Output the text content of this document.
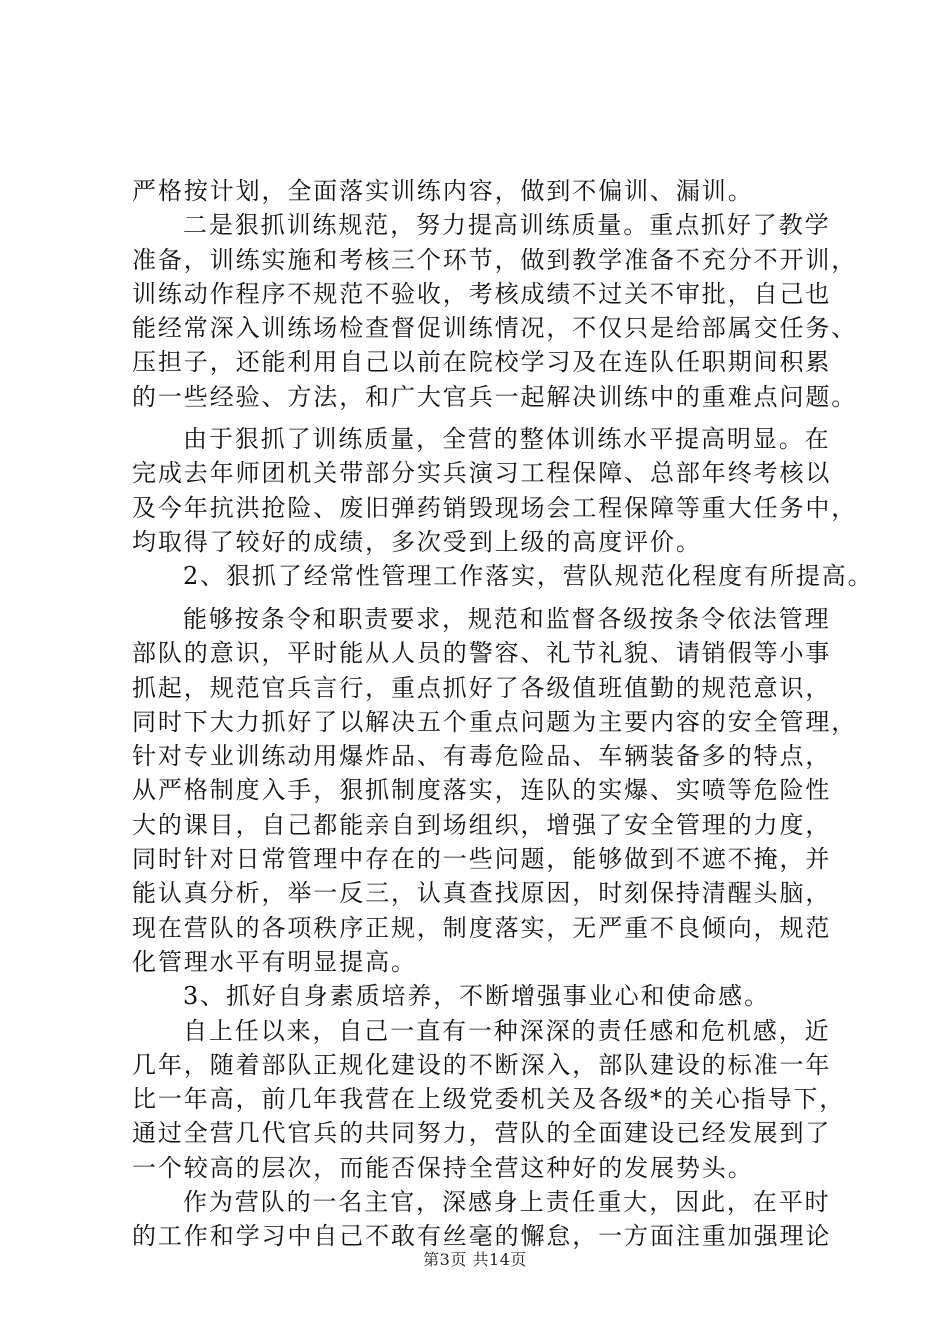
严格按计划，全面落实训练内容，做到不偏训、漏训。
二是狠抓训练规范，努力提高训练质量。重点抓好了教学
准备，训练实施和考核三个环节，做到教学准备不充分不开训，
训练动作程序不规范不验收，考核成绩不过关不审批，自己也
能经常深入训练场检查督促训练情况，不仅只是给部属交任务、
压担子，还能利用自己以前在院校学习及在连队任职期间积累
的一些经验、方法，和广大官兵一起解决训练中的重难点问题。
由于狠抓了训练质量，全营的整体训练水平提高明显。在
完成去年师团机关带部分实兵演习工程保障、总部年终考核以
及今年抗洪抢险、废旧弹药销毁现场会工程保障等重大任务中，
均取得了较好的成绩，多次受到上级的高度评价。
2、狠抓了经常性管理工作落实，营队规范化程度有所提高。
能够按条令和职责要求，规范和监督各级按条令依法管理
部队的意识，平时能从人员的警容、礼节礼貌、请销假等小事
抓起，规范官兵言行，重点抓好了各级值班值勤的规范意识，
同时下大力抓好了以解决五个重点问题为主要内容的安全管理，
针对专业训练动用爆炸品、有毒危险品、车辆装备多的特点，
从严格制度入手，狠抓制度落实，连队的实爆、实喷等危险性
大的课目，自己都能亲自到场组织，增强了安全管理的力度，
同时针对日常管理中存在的一些问题，能够做到不遮不掩，并
能认真分析，举一反三，认真查找原因，时刻保持清醒头脑，
现在营队的各项秩序正规，制度落实，无严重不良倾向，规范
化管理水平有明显提高。
3、抓好自身素质培养，不断增强事业心和使命感。
自上任以来，自己一直有一种深深的责任感和危机感，近
几年，随着部队正规化建设的不断深入，部队建设的标准一年
比一年高，前几年我营在上级党委机关及各级*的关心指导下，
通过全营几代官兵的共同努力，营队的全面建设已经发展到了
一个较高的层次，而能否保持全营这种好的发展势头。
作为营队的一名主官，深感身上责任重大，因此，在平时
的工作和学习中自己不敢有丝毫的懈怠，一方面注重加强理论
第3页 共14页
